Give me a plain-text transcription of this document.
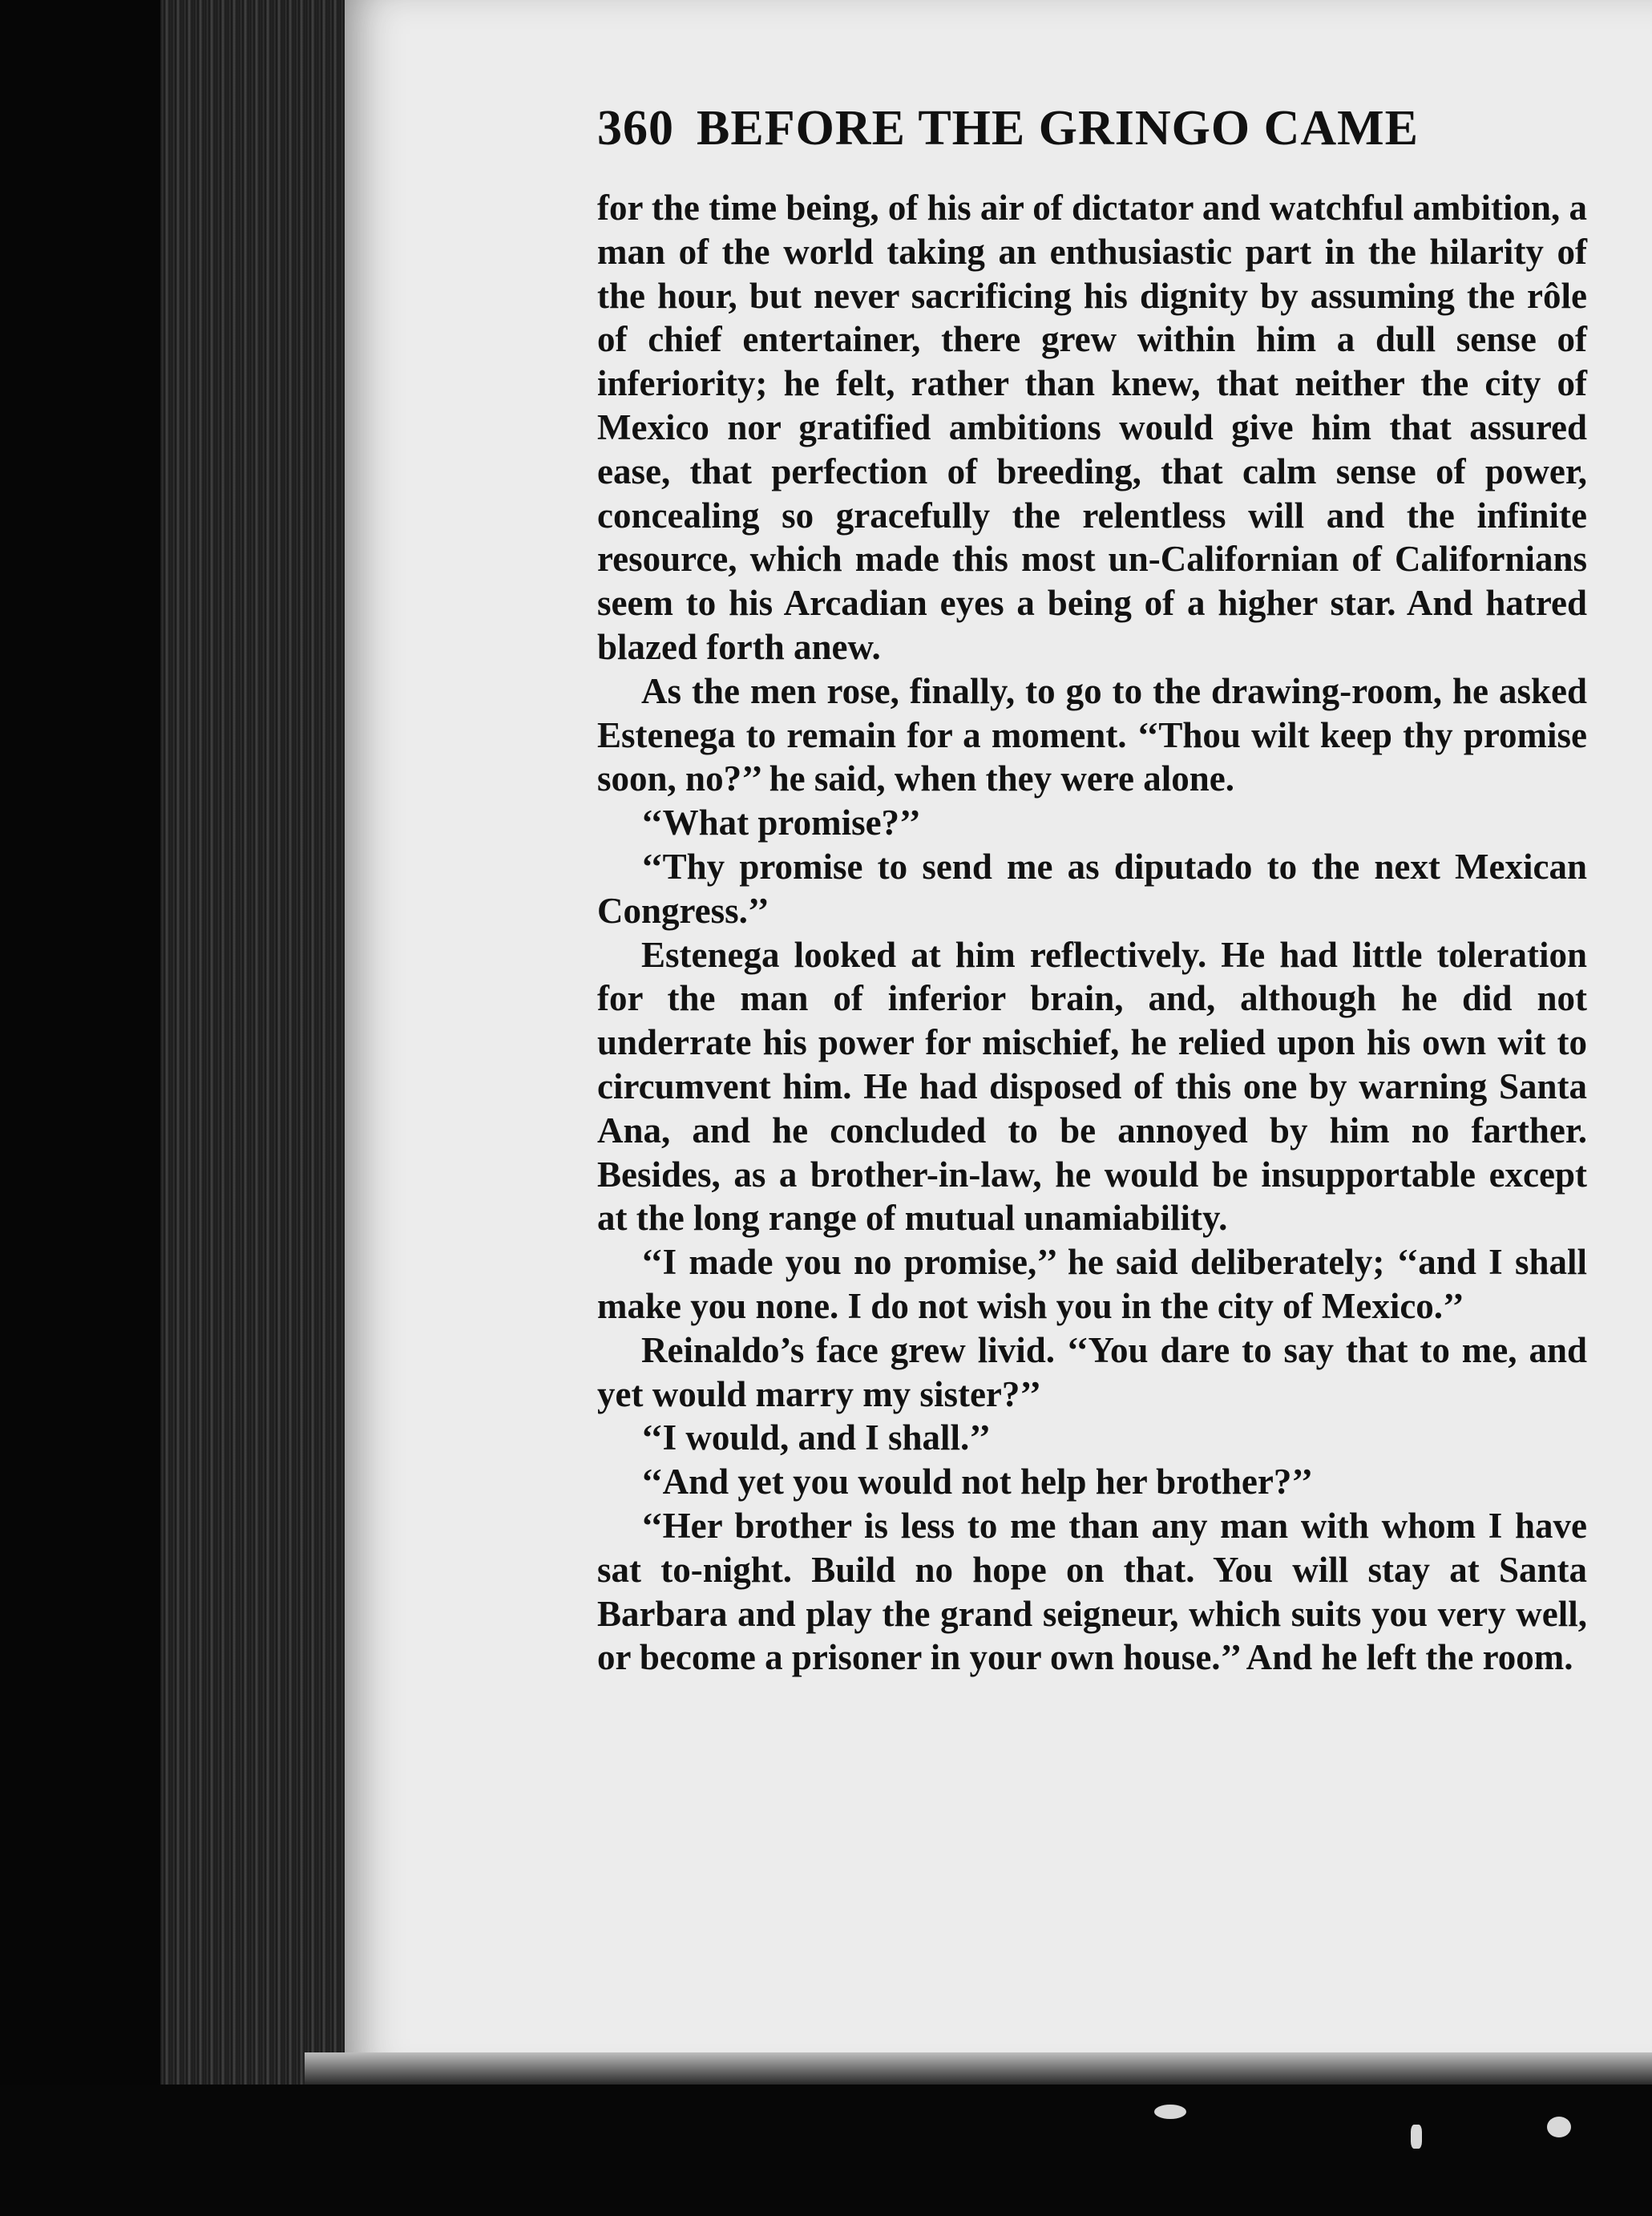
360 BEFORE THE GRINGO CAME

for the time being, of his air of dictator and watchful ambition, a man of the world taking an enthusiastic part in the hilarity of the hour, but never sacrificing his dignity by assuming the rôle of chief entertainer, there grew within him a dull sense of inferiority; he felt, rather than knew, that neither the city of Mexico nor gratified ambitions would give him that assured ease, that perfection of breeding, that calm sense of power, concealing so gracefully the relentless will and the infinite resource, which made this most un-Californian of Californians seem to his Arcadian eyes a being of a higher star. And hatred blazed forth anew.

As the men rose, finally, to go to the drawing-room, he asked Estenega to remain for a moment. ‘‘Thou wilt keep thy promise soon, no?’’ he said, when they were alone.

‘‘What promise?’’

‘‘Thy promise to send me as diputado to the next Mexican Congress.’’

Estenega looked at him reflectively. He had little toleration for the man of inferior brain, and, although he did not underrate his power for mischief, he relied upon his own wit to circumvent him. He had disposed of this one by warning Santa Ana, and he concluded to be annoyed by him no farther. Besides, as a brother-in-law, he would be insupportable except at the long range of mutual unamiability.

‘‘I made you no promise,’’ he said deliberately; ‘‘and I shall make you none. I do not wish you in the city of Mexico.’’

Reinaldo’s face grew livid. ‘‘You dare to say that to me, and yet would marry my sister?’’

‘‘I would, and I shall.’’

‘‘And yet you would not help her brother?’’

‘‘Her brother is less to me than any man with whom I have sat to-night. Build no hope on that. You will stay at Santa Barbara and play the grand seigneur, which suits you very well, or become a prisoner in your own house.’’ And he left the room.
